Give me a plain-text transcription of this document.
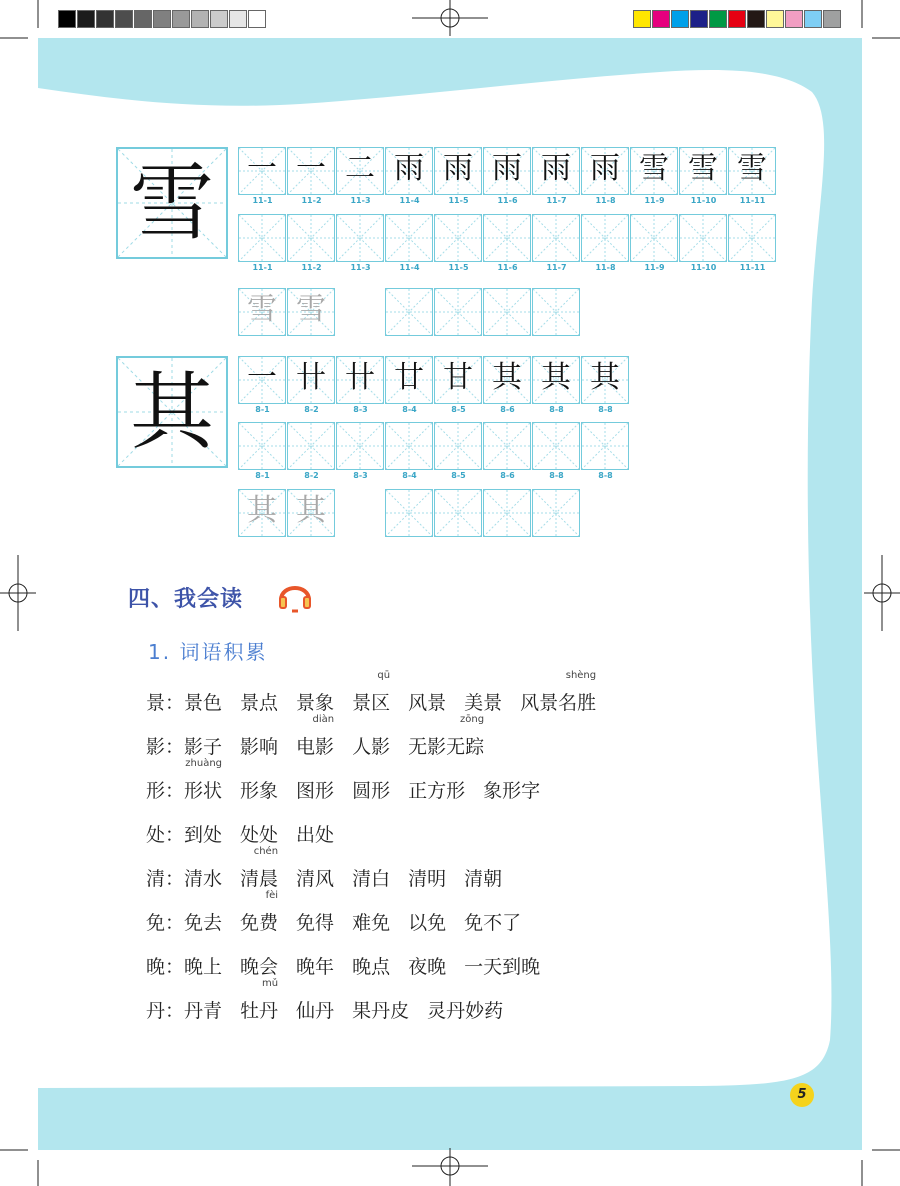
雪	⼀ ⼀ ⼆ ⾬ ⾬ ⾬ ⾬ ⾬ 雪 雪 雪
11-1	11-2	11-3	11-4	11-5	11-6	11-7	11-8	11-9	11-10	11-11
11-1	11-2	11-3	11-4	11-5	11-6	11-7	11-8	11-9	11-10	11-11
雪 雪
其	一 卄 卄 廿 甘 其 其 其
8-1	8-2	8-3	8-4	8-5	8-6	8-8	8-8
8-1	8-2	8-3	8-4	8-5	8-6	8-8	8-8
其 其
四、我会读
1. 词语积累
景：景色 景点 景象 景区
qū
风景 美景 风景名胜
shèng
影：影子 影响 电影
diàn
人影 无影无踪
zōng
形：形状
zhuàng
形象 图形 圆形 正方形 象形字
处：到处 处处 出处
清：清水 清晨
chén
清风 清白 清明 清朝
免：免去 免费
fèi
免得 难免 以免 免不了
晚：晚上 晚会 晚年 晚点 夜晚 一天到晚
丹：丹青 牡丹
mǔ
仙丹 果丹皮 灵丹妙药
5
